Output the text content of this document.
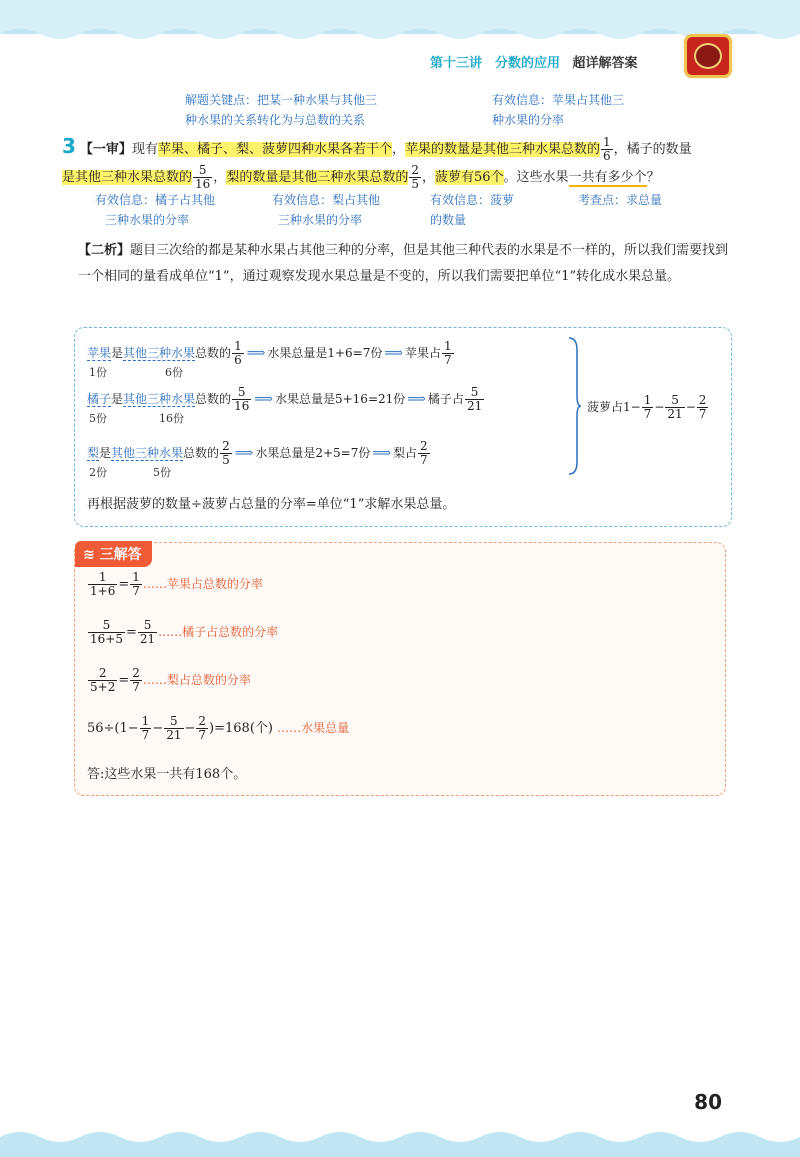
第十三讲　分数的应用 超详解答案
解题关键点：把某一种水果与其他三
种水果的关系转化为与总数的关系
有效信息：苹果占其他三
种水果的分率
3 【一审】现有苹果、橘子、梨、菠萝四种水果各若干个，苹果的数量是其他三种水果总数的 $\frac{1}{6}$ ，橘子的数量
是其他三种水果总数的 $\frac{5}{16}$ ，梨的数量是其他三种水果总数的 $\frac{2}{5}$ ，菠萝有56个。这些水果一共有多少个？
有效信息：橘子占其他
三种水果的分率
有效信息：梨占其他
三种水果的分率
有效信息：菠萝
的数量
考查点：求总量
【二析】题目三次给的都是某种水果占其他三种的分率，但是其他三种代表的水果是不一样的，所以我们需要找到一个相同的量看成单位“1”，通过观察发现水果总量是不变的，所以我们需要把单位“1”转化成水果总量。
苹果是其他三种水果总数的 $\frac{1}{6}$ ⟹ 水果总量是1+6=7份 ⟹ 苹果占 $\frac{1}{7}$
1份	6份
橘子是其他三种水果总数的 $\frac{5}{16}$ ⟹ 水果总量是5+16=21份 ⟹ 橘子占 $\frac{5}{21}$
5份	16份
梨是其他三种水果总数的 $\frac{2}{5}$ ⟹ 水果总量是2+5=7份 ⟹ 梨占 $\frac{2}{7}$
2份	5份
菠萝占$1- \frac{1}{7} - \frac{5}{21} - \frac{2}{7}$
再根据菠萝的数量÷菠萝占总量的分率=单位“1”求解水果总量。
≋ 三解答
$\frac{1}{1+6} = \frac{1}{7}$ ……苹果占总数的分率
$\frac{5}{16+5} = \frac{5}{21}$ ……橘子占总数的分率
$\frac{2}{5+2} = \frac{2}{7}$ ……梨占总数的分率
$56\div(1- \frac{1}{7} - \frac{5}{21} - \frac{2}{7} )=168$(个) ……水果总量
答:这些水果一共有168个。
80
